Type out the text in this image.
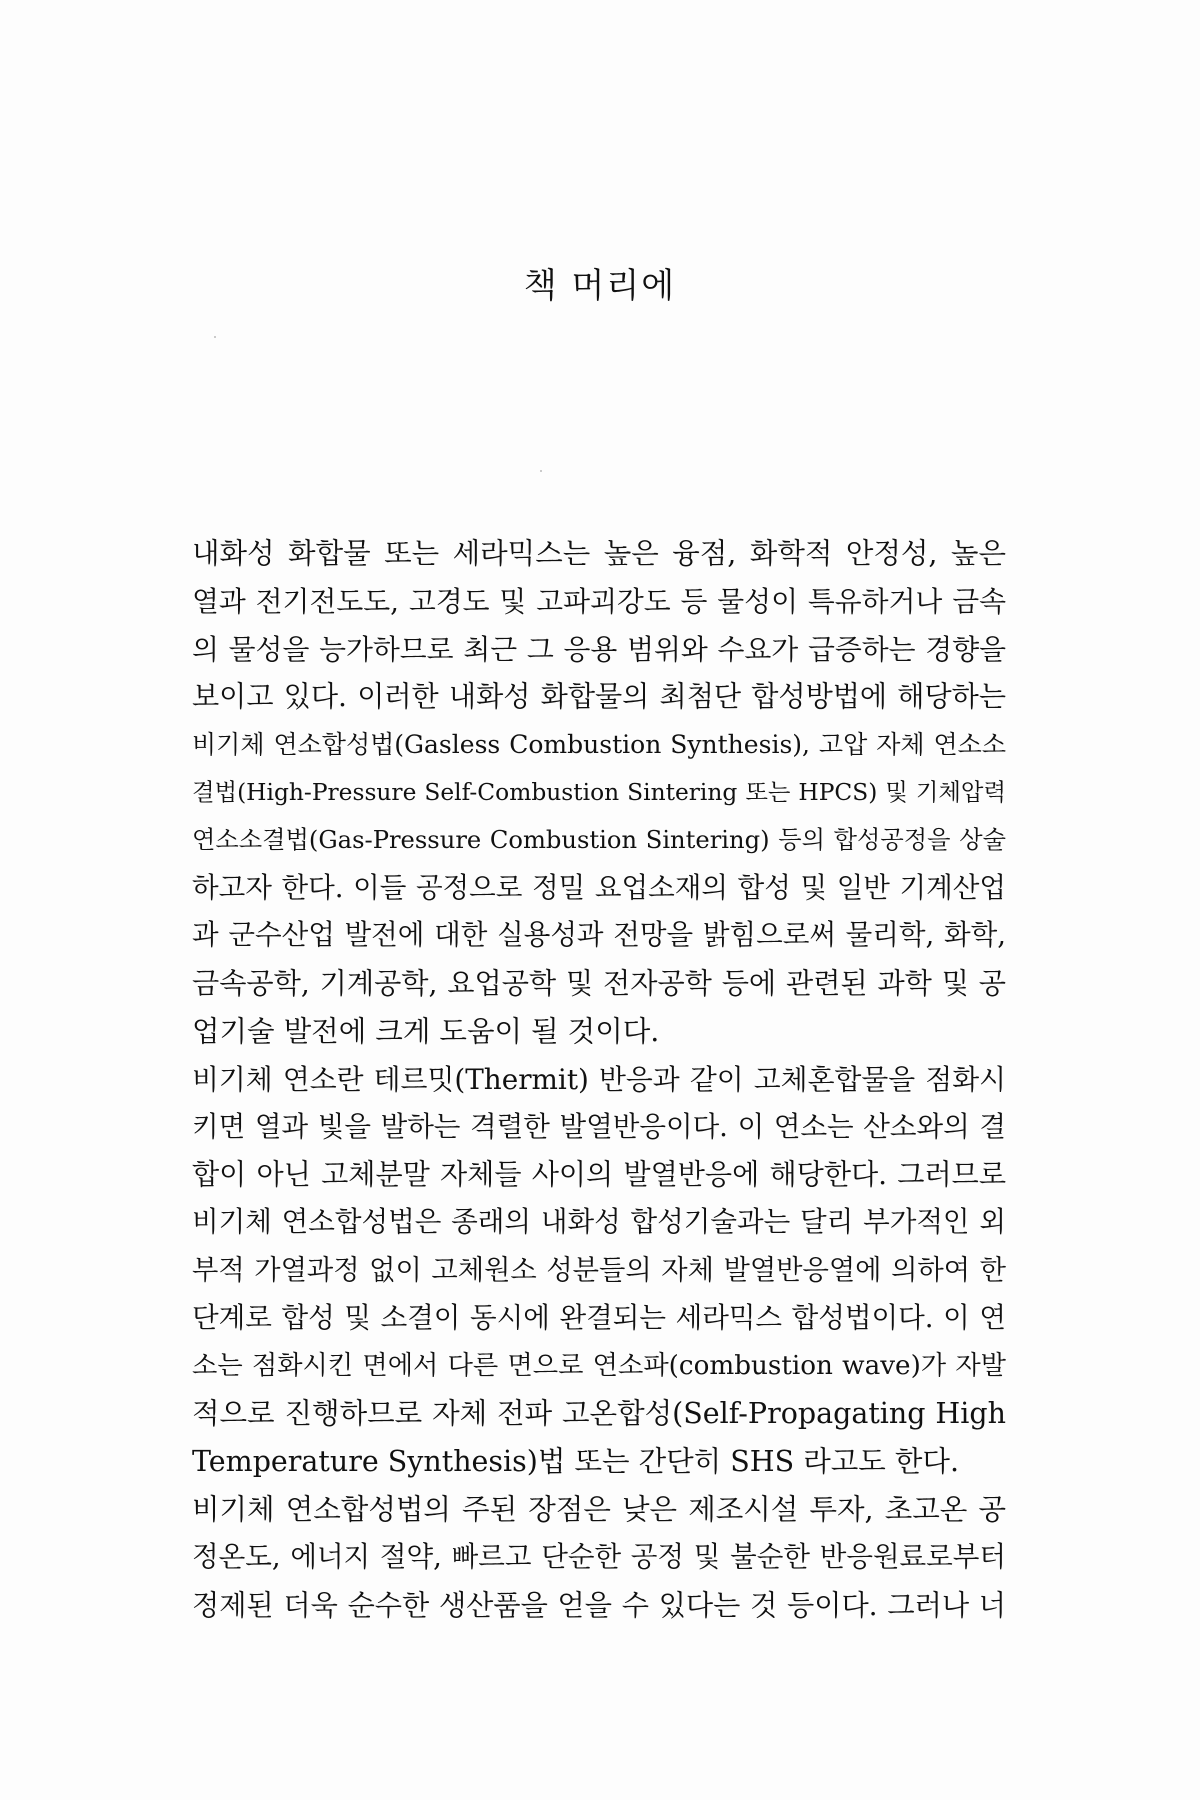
책 머리에

내화성 화합물 또는 세라믹스는 높은 융점, 화학적 안정성, 높은
열과 전기전도도, 고경도 및 고파괴강도 등 물성이 특유하거나 금속
의 물성을 능가하므로 최근 그 응용 범위와 수요가 급증하는 경향을
보이고 있다. 이러한 내화성 화합물의 최첨단 합성방법에 해당하는
비기체 연소합성법(Gasless Combustion Synthesis), 고압 자체 연소소
결법(High-Pressure Self-Combustion Sintering 또는 HPCS) 및 기체압력
연소소결법(Gas-Pressure Combustion Sintering) 등의 합성공정을 상술
하고자 한다. 이들 공정으로 정밀 요업소재의 합성 및 일반 기계산업
과 군수산업 발전에 대한 실용성과 전망을 밝힘으로써 물리학, 화학,
금속공학, 기계공학, 요업공학 및 전자공학 등에 관련된 과학 및 공
업기술 발전에 크게 도움이 될 것이다.

비기체 연소란 테르밋(Thermit) 반응과 같이 고체혼합물을 점화시
키면 열과 빛을 발하는 격렬한 발열반응이다. 이 연소는 산소와의 결
합이 아닌 고체분말 자체들 사이의 발열반응에 해당한다. 그러므로
비기체 연소합성법은 종래의 내화성 합성기술과는 달리 부가적인 외
부적 가열과정 없이 고체원소 성분들의 자체 발열반응열에 의하여 한
단계로 합성 및 소결이 동시에 완결되는 세라믹스 합성법이다. 이 연
소는 점화시킨 면에서 다른 면으로 연소파(combustion wave)가 자발
적으로 진행하므로 자체 전파 고온합성(Self-Propagating High
Temperature Synthesis)법 또는 간단히 SHS 라고도 한다.

비기체 연소합성법의 주된 장점은 낮은 제조시설 투자, 초고온 공
정온도, 에너지 절약, 빠르고 단순한 공정 및 불순한 반응원료로부터
정제된 더욱 순수한 생산품을 얻을 수 있다는 것 등이다. 그러나 너
